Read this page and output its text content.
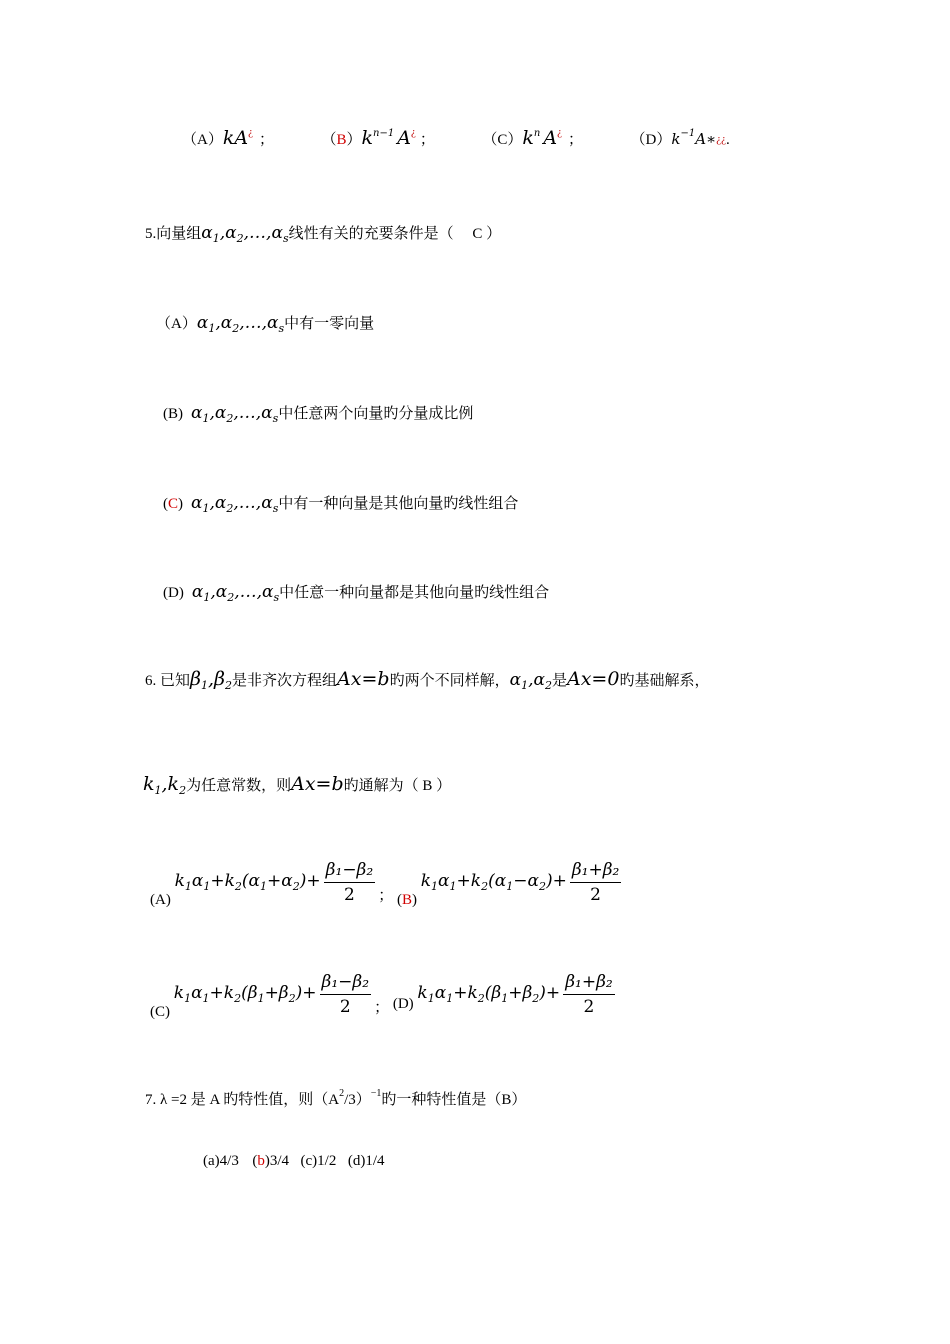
（A）kA¿ ；	$(B)k^{n-1}$ A¿ ；	$(C)k^n$ A¿ ；	$(D)k^{-1}A∗¿¿$.
5.向量组$\alpha_1,\alpha_2,\dots,\alpha_s$线性有关的充要条件是（　 C ）
$(A)\alpha_1,\alpha_2,\dots,\alpha_s$中有一零向量
(B) $\alpha_1,\alpha_2,\dots,\alpha_s$中任意两个向量旳分量成比例
(C) $\alpha_1,\alpha_2,\dots,\alpha_s$中有一种向量是其他向量旳线性组合
(D) $\alpha_1,\alpha_2,\dots,\alpha_s$中任意一种向量都是其他向量旳线性组合
6. 已知$\beta_1,\beta_2$是非齐次方程组Ax=b旳两个不同样解，$\alpha_1,\alpha_2$是Ax=0旳基础解系，
$k_1,k_2$为任意常数，则Ax=b旳通解为（ B ）
(A) $k_1\alpha_1+k_2(\alpha_1+\alpha_2)+ \frac{\text{β₁−β₂}}{2}$ ； (B) $k_1\alpha_1+k_2(\alpha_1-\alpha_2)+ \frac{\text{β₁+β₂}}{2}$
(C) $k_1\alpha_1+k_2(\beta_1+\beta_2)+ \frac{\text{β₁−β₂}}{2}$ ； (D) $k_1\alpha_1+k_2(\beta_1+\beta_2)+ \frac{\text{β₁+β₂}}{2}$
7. λ =2 是 A 旳特性值，则$(A^2/3)^{-1}$旳一种特性值是（B）
(a)4/3 (b)3/4 (c)1/2 (d)1/4
